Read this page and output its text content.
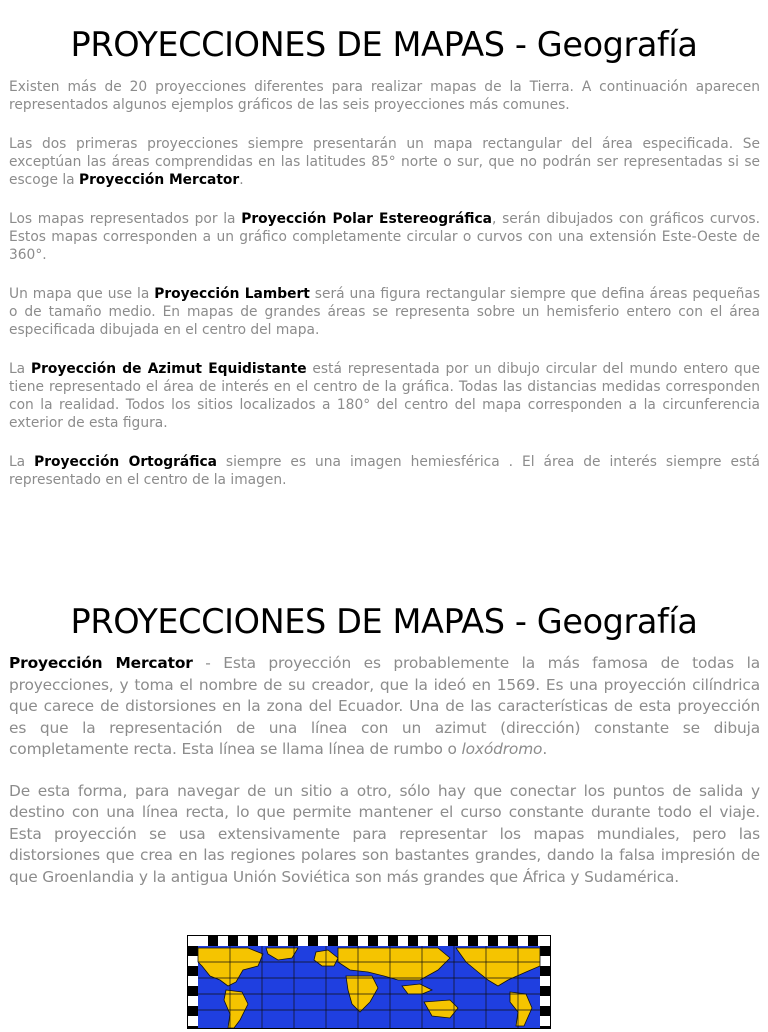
PROYECCIONES DE MAPAS - Geografía

Existen más de 20 proyecciones diferentes para realizar mapas de la Tierra. A continuación aparecen representados algunos ejemplos gráficos de las seis proyecciones más comunes.

Las dos primeras proyecciones siempre presentarán un mapa rectangular del área especificada. Se exceptúan las áreas comprendidas en las latitudes 85° norte o sur, que no podrán ser representadas si se escoge la Proyección Mercator.

Los mapas representados por la Proyección Polar Estereográfica, serán dibujados con gráficos curvos. Estos mapas corresponden a un gráfico completamente circular o curvos con una extensión Este-Oeste de 360°.

Un mapa que use la Proyección Lambert será una figura rectangular siempre que defina áreas pequeñas o de tamaño medio. En mapas de grandes áreas se representa sobre un hemisferio entero con el área especificada dibujada en el centro del mapa.

La Proyección de Azimut Equidistante está representada por un dibujo circular del mundo entero que tiene representado el área de interés en el centro de la gráfica. Todas las distancias medidas corresponden con la realidad. Todos los sitios localizados a 180° del centro del mapa corresponden a la circunferencia exterior de esta figura.

La Proyección Ortográfica siempre es una imagen hemiesférica . El área de interés siempre está representado en el centro de la imagen.

PROYECCIONES DE MAPAS - Geografía

Proyección Mercator - Esta proyección es probablemente la más famosa de todas la proyecciones, y toma el nombre de su creador, que la ideó en 1569. Es una proyección cilíndrica que carece de distorsiones en la zona del Ecuador. Una de las características de esta proyección es que la representación de una línea con un azimut (dirección) constante se dibuja completamente recta. Esta línea se llama línea de rumbo o loxódromo.

De esta forma, para navegar de un sitio a otro, sólo hay que conectar los puntos de salida y destino con una línea recta, lo que permite mantener el curso constante durante todo el viaje. Esta proyección se usa extensivamente para representar los mapas mundiales, pero las distorsiones que crea en las regiones polares son bastantes grandes, dando la falsa impresión de que Groenlandia y la antigua Unión Soviética son más grandes que África y Sudamérica.
